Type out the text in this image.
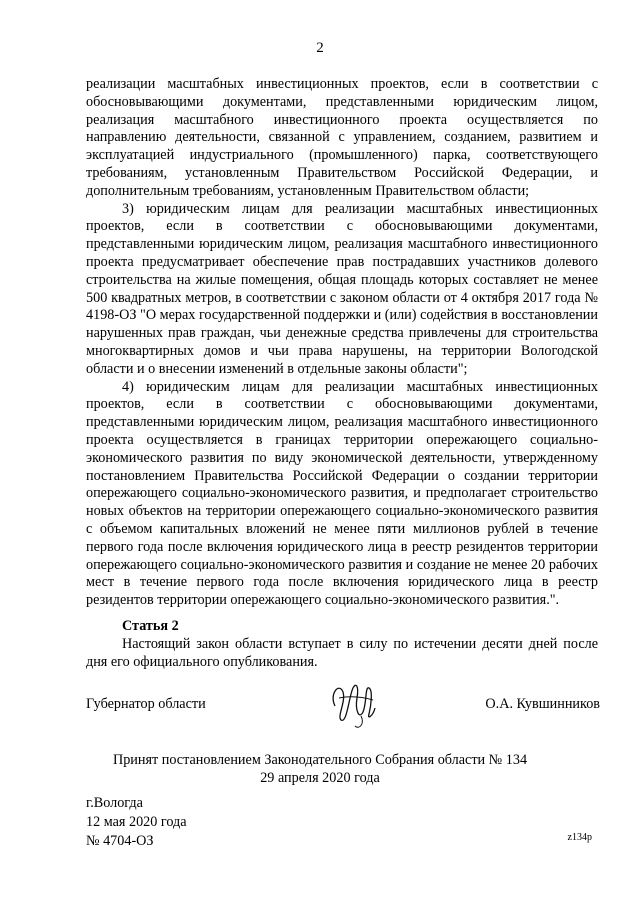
2

реализации масштабных инвестиционных проектов, если в соответствии с обосновывающими документами, представленными юридическим лицом, реализация масштабного инвестиционного проекта осуществляется по направлению деятельности, связанной с управлением, созданием, развитием и эксплуатацией индустриального (промышленного) парка, соответствующего требованиям, установленным Правительством Российской Федерации, и дополнительным требованиям, установленным Правительством области;

3) юридическим лицам для реализации масштабных инвестиционных проектов, если в соответствии с обосновывающими документами, представленными юридическим лицом, реализация масштабного инвестиционного проекта предусматривает обеспечение прав пострадавших участников долевого строительства на жилые помещения, общая площадь которых составляет не менее 500 квадратных метров, в соответствии с законом области от 4 октября 2017 года № 4198-ОЗ "О мерах государственной поддержки и (или) содействия в восстановлении нарушенных прав граждан, чьи денежные средства привлечены для строительства многоквартирных домов и чьи права нарушены, на территории Вологодской области и о внесении изменений в отдельные законы области";

4) юридическим лицам для реализации масштабных инвестиционных проектов, если в соответствии с обосновывающими документами, представленными юридическим лицом, реализация масштабного инвестиционного проекта осуществляется в границах территории опережающего социально-экономического развития по виду экономической деятельности, утвержденному постановлением Правительства Российской Федерации о создании территории опережающего социально-экономического развития, и предполагает строительство новых объектов на территории опережающего социально-экономического развития с объемом капитальных вложений не менее пяти миллионов рублей в течение первого года после включения юридического лица в реестр резидентов территории опережающего социально-экономического развития и создание не менее 20 рабочих мест в течение первого года после включения юридического лица в реестр резидентов территории опережающего социально-экономического развития.".

Статья 2

Настоящий закон области вступает в силу по истечении десяти дней после дня его официального опубликования.

Губернатор области	О.А. Кувшинников
Принят постановлением Законодательного Собрания области № 134
29 апреля 2020 года
г.Вологда
12 мая 2020 года
№ 4704-ОЗ	z134p
